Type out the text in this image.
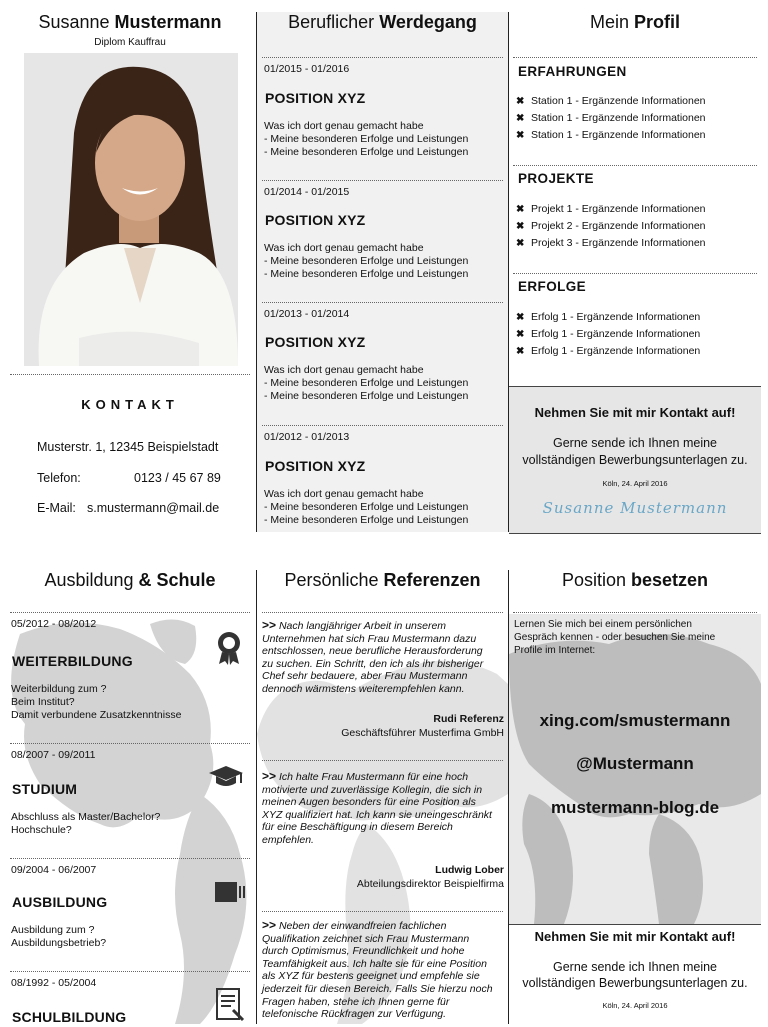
Susanne Mustermann
Diplom Kauffrau
KONTAKT
Musterstr. 1, 12345 Beispielstadt
Telefon:	0123 / 45 67 89
E-Mail: s.mustermann@mail.de
Beruflicher Werdegang
01/2015 - 01/2016
POSITION XYZ
Was ich dort genau gemacht habe
- Meine besonderen Erfolge und Leistungen
- Meine besonderen Erfolge und Leistungen
01/2014 - 01/2015
POSITION XYZ
Was ich dort genau gemacht habe
- Meine besonderen Erfolge und Leistungen
- Meine besonderen Erfolge und Leistungen
01/2013 - 01/2014
POSITION XYZ
Was ich dort genau gemacht habe
- Meine besonderen Erfolge und Leistungen
- Meine besonderen Erfolge und Leistungen
01/2012 - 01/2013
POSITION XYZ
Was ich dort genau gemacht habe
- Meine besonderen Erfolge und Leistungen
- Meine besonderen Erfolge und Leistungen
Mein Profil
ERFAHRUNGEN
✖ Station 1 - Ergänzende Informationen
✖ Station 1 - Ergänzende Informationen
✖ Station 1 - Ergänzende Informationen
PROJEKTE
✖ Projekt 1 - Ergänzende Informationen
✖ Projekt 2 - Ergänzende Informationen
✖ Projekt 3 - Ergänzende Informationen
ERFOLGE
✖ Erfolg 1 - Ergänzende Informationen
✖ Erfolg 1 - Ergänzende Informationen
✖ Erfolg 1 - Ergänzende Informationen
Nehmen Sie mit mir Kontakt auf!
Gerne sende ich Ihnen meine
vollständigen Bewerbungsunterlagen zu.
Köln, 24. April 2016
Susanne Mustermann
Ausbildung & Schule
05/2012 - 08/2012
WEITERBILDUNG
Weiterbildung zum ?
Beim Institut?
Damit verbundene Zusatzkenntnisse
08/2007 - 09/2011
STUDIUM
Abschluss als Master/Bachelor?
Hochschule?
09/2004 - 06/2007
AUSBILDUNG
Ausbildung zum ?
Ausbildungsbetrieb?
08/1992 - 05/2004
SCHULBILDUNG
Persönliche Referenzen
>> Nach langjähriger Arbeit in unserem
Unternehmen hat sich Frau Mustermann dazu
entschlossen, neue berufliche Herausforderung
zu suchen. Ein Schritt, den ich als ihr bisheriger
Chef sehr bedauere, aber Frau Mustermann
dennoch wärmstens weiterempfehlen kann.
Rudi Referenz
Geschäftsführer Musterfima GmbH
>> Ich halte Frau Mustermann für eine hoch
motivierte und zuverlässige Kollegin, die sich in
meinen Augen besonders für eine Position als
XYZ qualifiziert hat. Ich kann sie uneingeschränkt
für eine Beschäftigung in diesem Bereich
empfehlen.
Ludwig Lober
Abteilungsdirektor Beispielfirma
>> Neben der einwandfreien fachlichen
Qualifikation zeichnet sich Frau Mustermann
durch Optimismus, Freundlichkeit und hohe
Teamfähigkeit aus. Ich halte sie für eine Position
als XYZ für bestens geeignet und empfehle sie
jederzeit für diesen Bereich. Falls Sie hierzu noch
Fragen haben, stehe ich Ihnen gerne für
telefonische Rückfragen zur Verfügung.
Position besetzen
Lernen Sie mich bei einem persönlichen
Gespräch kennen - oder besuchen Sie meine
Profile im Internet:
xing.com/smustermann
@Mustermann
mustermann-blog.de
Nehmen Sie mit mir Kontakt auf!
Gerne sende ich Ihnen meine
vollständigen Bewerbungsunterlagen zu.
Köln, 24. April 2016
